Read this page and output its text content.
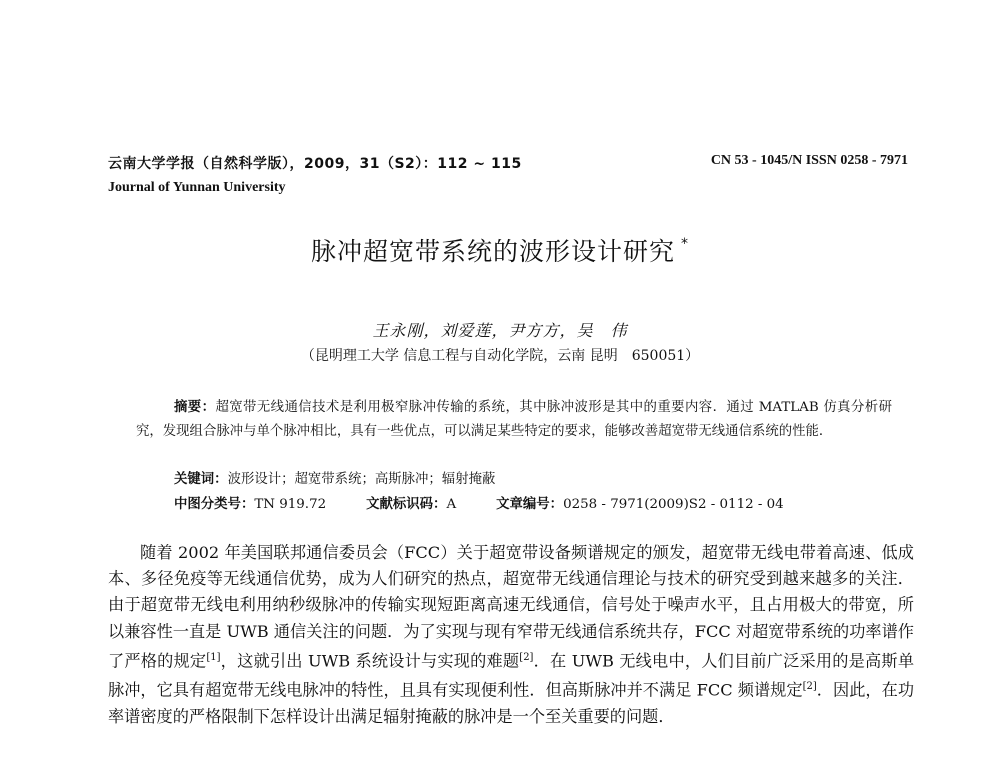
云南大学学报（自然科学版），2009，31（S2）：112 ~ 115
Journal of Yunnan University
CN 53 - 1045/N ISSN 0258 - 7971
脉冲超宽带系统的波形设计研究 *
王永刚，刘爱莲，尹方方，吴　伟
（昆明理工大学 信息工程与自动化学院，云南 昆明　650051）

摘要：超宽带无线通信技术是利用极窄脉冲传输的系统，其中脉冲波形是其中的重要内容．通过 MATLAB 仿真分析研究，发现组合脉冲与单个脉冲相比，具有一些优点，可以满足某些特定的要求，能够改善超宽带无线通信系统的性能．

关键词：波形设计；超宽带系统；高斯脉冲；辐射掩蔽
中图分类号：TN 919.72	文献标识码：A	文章编号：0258 - 7971(2009)S2 - 0112 - 04

随着 2002 年美国联邦通信委员会（FCC）关于超宽带设备频谱规定的颁发，超宽带无线电带着高速、低成本、多径免疫等无线通信优势，成为人们研究的热点，超宽带无线通信理论与技术的研究受到越来越多的关注．由于超宽带无线电利用纳秒级脉冲的传输实现短距离高速无线通信，信号处于噪声水平，且占用极大的带宽，所以兼容性一直是 UWB 通信关注的问题．为了实现与现有窄带无线通信系统共存，FCC 对超宽带系统的功率谱作了严格的规定[1]，这就引出 UWB 系统设计与实现的难题[2]．在 UWB 无线电中，人们目前广泛采用的是高斯单脉冲，它具有超宽带无线电脉冲的特性，且具有实现便利性．但高斯脉冲并不满足 FCC 频谱规定[2]．因此，在功率谱密度的严格限制下怎样设计出满足辐射掩蔽的脉冲是一个至关重要的问题．
